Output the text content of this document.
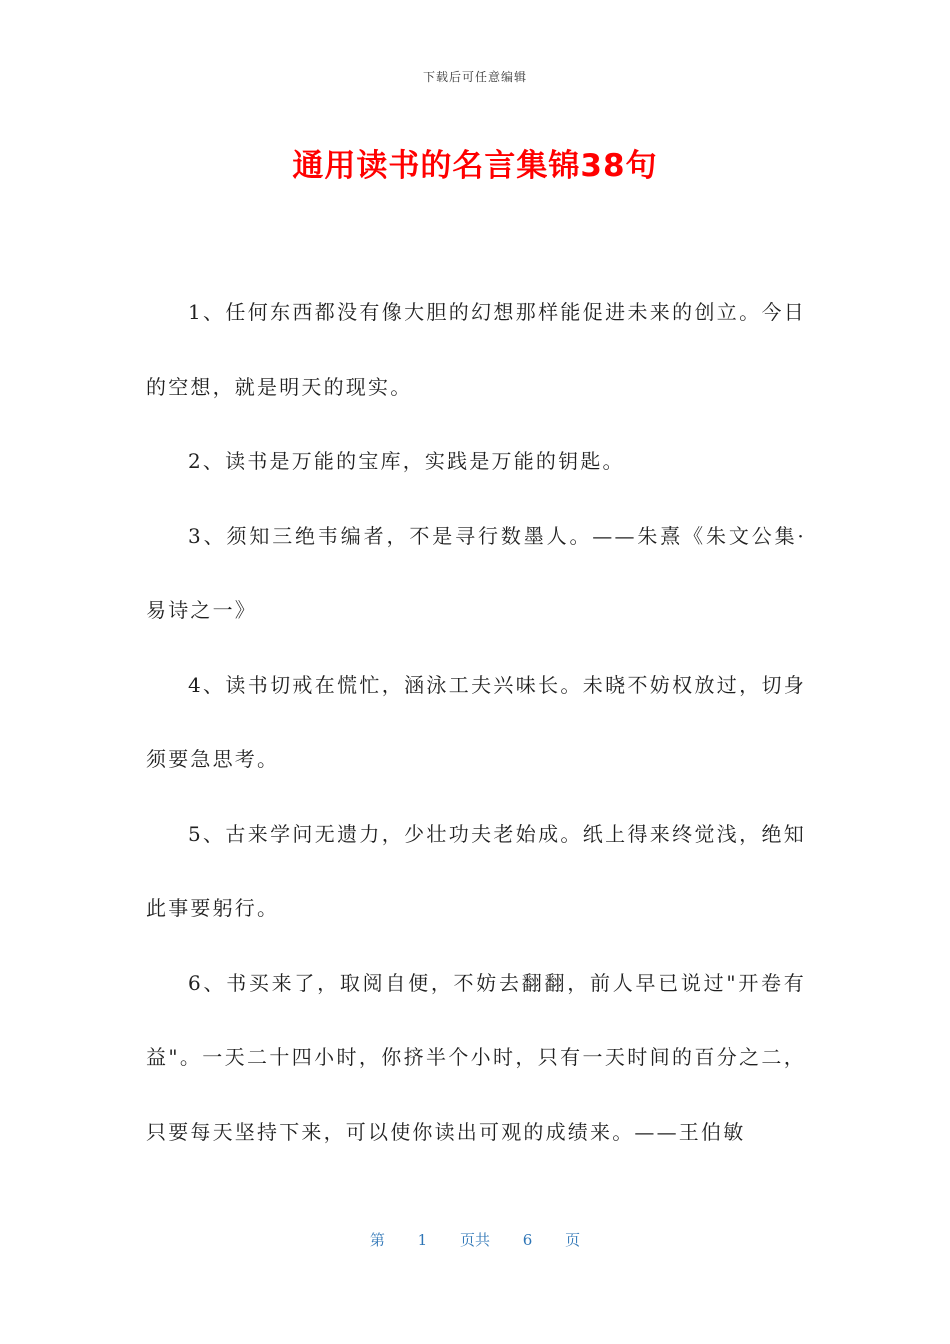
下载后可任意编辑
通用读书的名言集锦38句

1、任何东西都没有像大胆的幻想那样能促进未来的创立。今日的空想，就是明天的现实。

2、读书是万能的宝库，实践是万能的钥匙。

3、须知三绝韦编者，不是寻行数墨人。——朱熹《朱文公集·易诗之一》

4、读书切戒在慌忙，涵泳工夫兴味长。未晓不妨权放过，切身须要急思考。

5、古来学问无遗力，少壮功夫老始成。纸上得来终觉浅，绝知此事要躬行。

6、书买来了，取阅自便，不妨去翻翻，前人早已说过"开卷有益"。一天二十四小时，你挤半个小时，只有一天时间的百分之二，只要每天坚持下来，可以使你读出可观的成绩来。——王伯敏

第 1 页共 6 页
